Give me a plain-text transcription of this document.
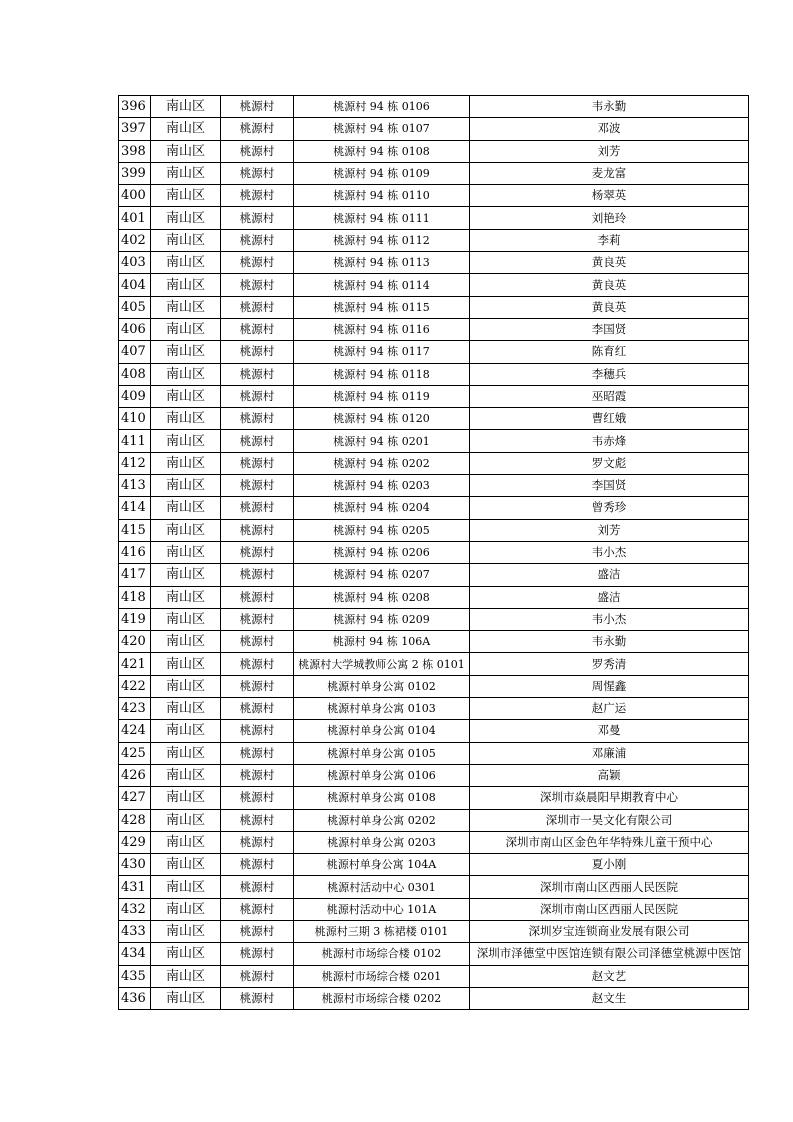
396	南山区	桃源村	桃源村 94 栋 0106	韦永勤
397	南山区	桃源村	桃源村 94 栋 0107	邓波
398	南山区	桃源村	桃源村 94 栋 0108	刘芳
399	南山区	桃源村	桃源村 94 栋 0109	麦龙富
400	南山区	桃源村	桃源村 94 栋 0110	杨翠英
401	南山区	桃源村	桃源村 94 栋 0111	刘艳玲
402	南山区	桃源村	桃源村 94 栋 0112	李莉
403	南山区	桃源村	桃源村 94 栋 0113	黄良英
404	南山区	桃源村	桃源村 94 栋 0114	黄良英
405	南山区	桃源村	桃源村 94 栋 0115	黄良英
406	南山区	桃源村	桃源村 94 栋 0116	李国贤
407	南山区	桃源村	桃源村 94 栋 0117	陈育红
408	南山区	桃源村	桃源村 94 栋 0118	李穗兵
409	南山区	桃源村	桃源村 94 栋 0119	巫昭霞
410	南山区	桃源村	桃源村 94 栋 0120	曹红娥
411	南山区	桃源村	桃源村 94 栋 0201	韦赤烽
412	南山区	桃源村	桃源村 94 栋 0202	罗文彪
413	南山区	桃源村	桃源村 94 栋 0203	李国贤
414	南山区	桃源村	桃源村 94 栋 0204	曾秀珍
415	南山区	桃源村	桃源村 94 栋 0205	刘芳
416	南山区	桃源村	桃源村 94 栋 0206	韦小杰
417	南山区	桃源村	桃源村 94 栋 0207	盛洁
418	南山区	桃源村	桃源村 94 栋 0208	盛洁
419	南山区	桃源村	桃源村 94 栋 0209	韦小杰
420	南山区	桃源村	桃源村 94 栋 106A	韦永勤
421	南山区	桃源村	桃源村大学城教师公寓 2 栋 0101	罗秀清
422	南山区	桃源村	桃源村单身公寓 0102	周惺鑫
423	南山区	桃源村	桃源村单身公寓 0103	赵广运
424	南山区	桃源村	桃源村单身公寓 0104	邓曼
425	南山区	桃源村	桃源村单身公寓 0105	邓廉浦
426	南山区	桃源村	桃源村单身公寓 0106	高颖
427	南山区	桃源村	桃源村单身公寓 0108	深圳市焱晨阳早期教育中心
428	南山区	桃源村	桃源村单身公寓 0202	深圳市一昊文化有限公司
429	南山区	桃源村	桃源村单身公寓 0203	深圳市南山区金色年华特殊儿童干预中心
430	南山区	桃源村	桃源村单身公寓 104A	夏小刚
431	南山区	桃源村	桃源村活动中心 0301	深圳市南山区西丽人民医院
432	南山区	桃源村	桃源村活动中心 101A	深圳市南山区西丽人民医院
433	南山区	桃源村	桃源村三期 3 栋裙楼 0101	深圳岁宝连锁商业发展有限公司
434	南山区	桃源村	桃源村市场综合楼 0102	深圳市泽德堂中医馆连锁有限公司泽德堂桃源中医馆
435	南山区	桃源村	桃源村市场综合楼 0201	赵文艺
436	南山区	桃源村	桃源村市场综合楼 0202	赵文生
